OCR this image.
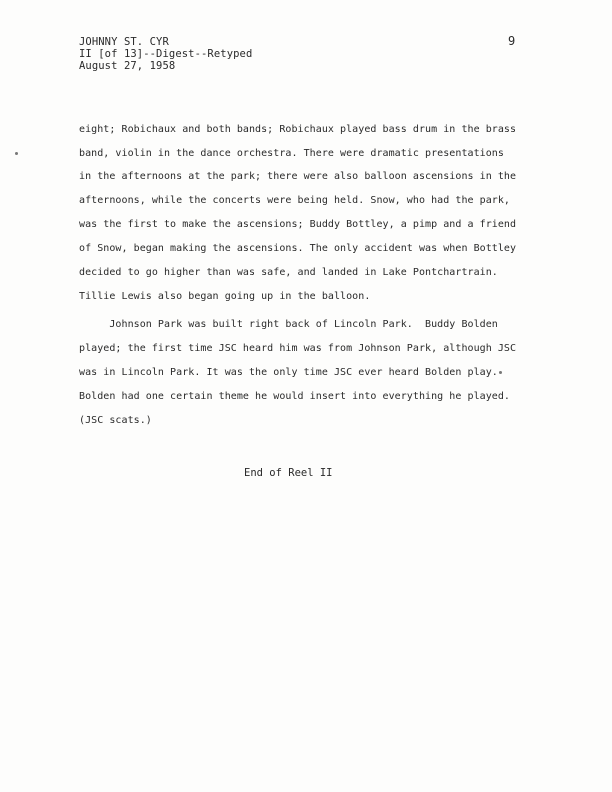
JOHNNY ST. CYR
II [of 13]--Digest--Retyped
August 27, 1958
9
eight; Robichaux and both bands; Robichaux played bass drum in the brass
band, violin in the dance orchestra. There were dramatic presentations
in the afternoons at the park; there were also balloon ascensions in the
afternoons, while the concerts were being held. Snow, who had the park,
was the first to make the ascensions; Buddy Bottley, a pimp and a friend
of Snow, began making the ascensions. The only accident was when Bottley
decided to go higher than was safe, and landed in Lake Pontchartrain.
Tillie Lewis also began going up in the balloon.
Johnson Park was built right back of Lincoln Park.  Buddy Bolden
played; the first time JSC heard him was from Johnson Park, although JSC
was in Lincoln Park. It was the only time JSC ever heard Bolden play.
Bolden had one certain theme he would insert into everything he played.
(JSC scats.)
End of Reel II
